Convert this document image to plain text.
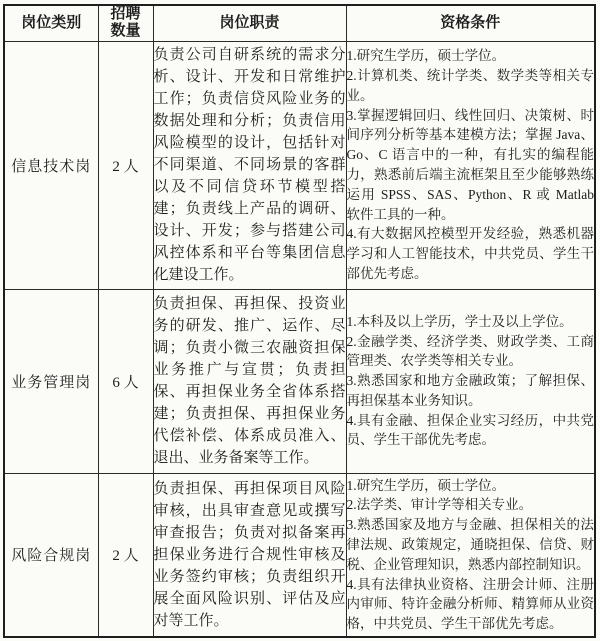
岗位类别	招聘数量	岗位职责	资格条件
信息技术岗	2 人	负责公司自研系统的需求分析、设计、开发和日常维护工作；负责信贷风险业务的数据处理和分析；负责信用风险模型的设计，包括针对不同渠道、不同场景的客群以及不同信贷环节模型搭建；负责线上产品的调研、设计、开发；参与搭建公司风控体系和平台等集团信息化建设工作。	1.研究生学历，硕士学位。

2.计算机类、统计学类、数学类等相关专业。

3.掌握逻辑回归、线性回归、决策树、时间序列分析等基本建模方法；掌握 Java、Go、C 语言中的一种，有扎实的编程能力，熟悉前后端主流框架且至少能够熟练运用 SPSS、SAS、Python、R 或 Matlab 软件工具的一种。

4.有大数据风控模型开发经验，熟悉机器学习和人工智能技术，中共党员、学生干部优先考虑。

业务管理岗	6 人	负责担保、再担保、投资业务的研发、推广、运作、尽调；负责小微三农融资担保业务推广与宣贯；负责担保、再担保业务全省体系搭建；负责担保、再担保业务代偿补偿、体系成员准入、退出、业务备案等工作。	1.本科及以上学历，学士及以上学位。

2.金融学类、经济学类、财政学类、工商管理类、农学类等相关专业。

3.熟悉国家和地方金融政策；了解担保、再担保基本业务知识。

4.具有金融、担保企业实习经历，中共党员、学生干部优先考虑。

风险合规岗	2 人	负责担保、再担保项目风险审核，出具审查意见或撰写审查报告；负责对拟备案再担保业务进行合规性审核及业务签约审核；负责组织开展全面风险识别、评估及应对等工作。	1.研究生学历，硕士学位。

2.法学类、审计学等相关专业。

3.熟悉国家及地方与金融、担保相关的法律法规、政策规定，通晓担保、信贷、财税、企业管理知识，熟悉内部控制知识。

4.具有法律执业资格、注册会计师、注册内审师、特许金融分析师、精算师从业资格，中共党员、学生干部优先考虑。
